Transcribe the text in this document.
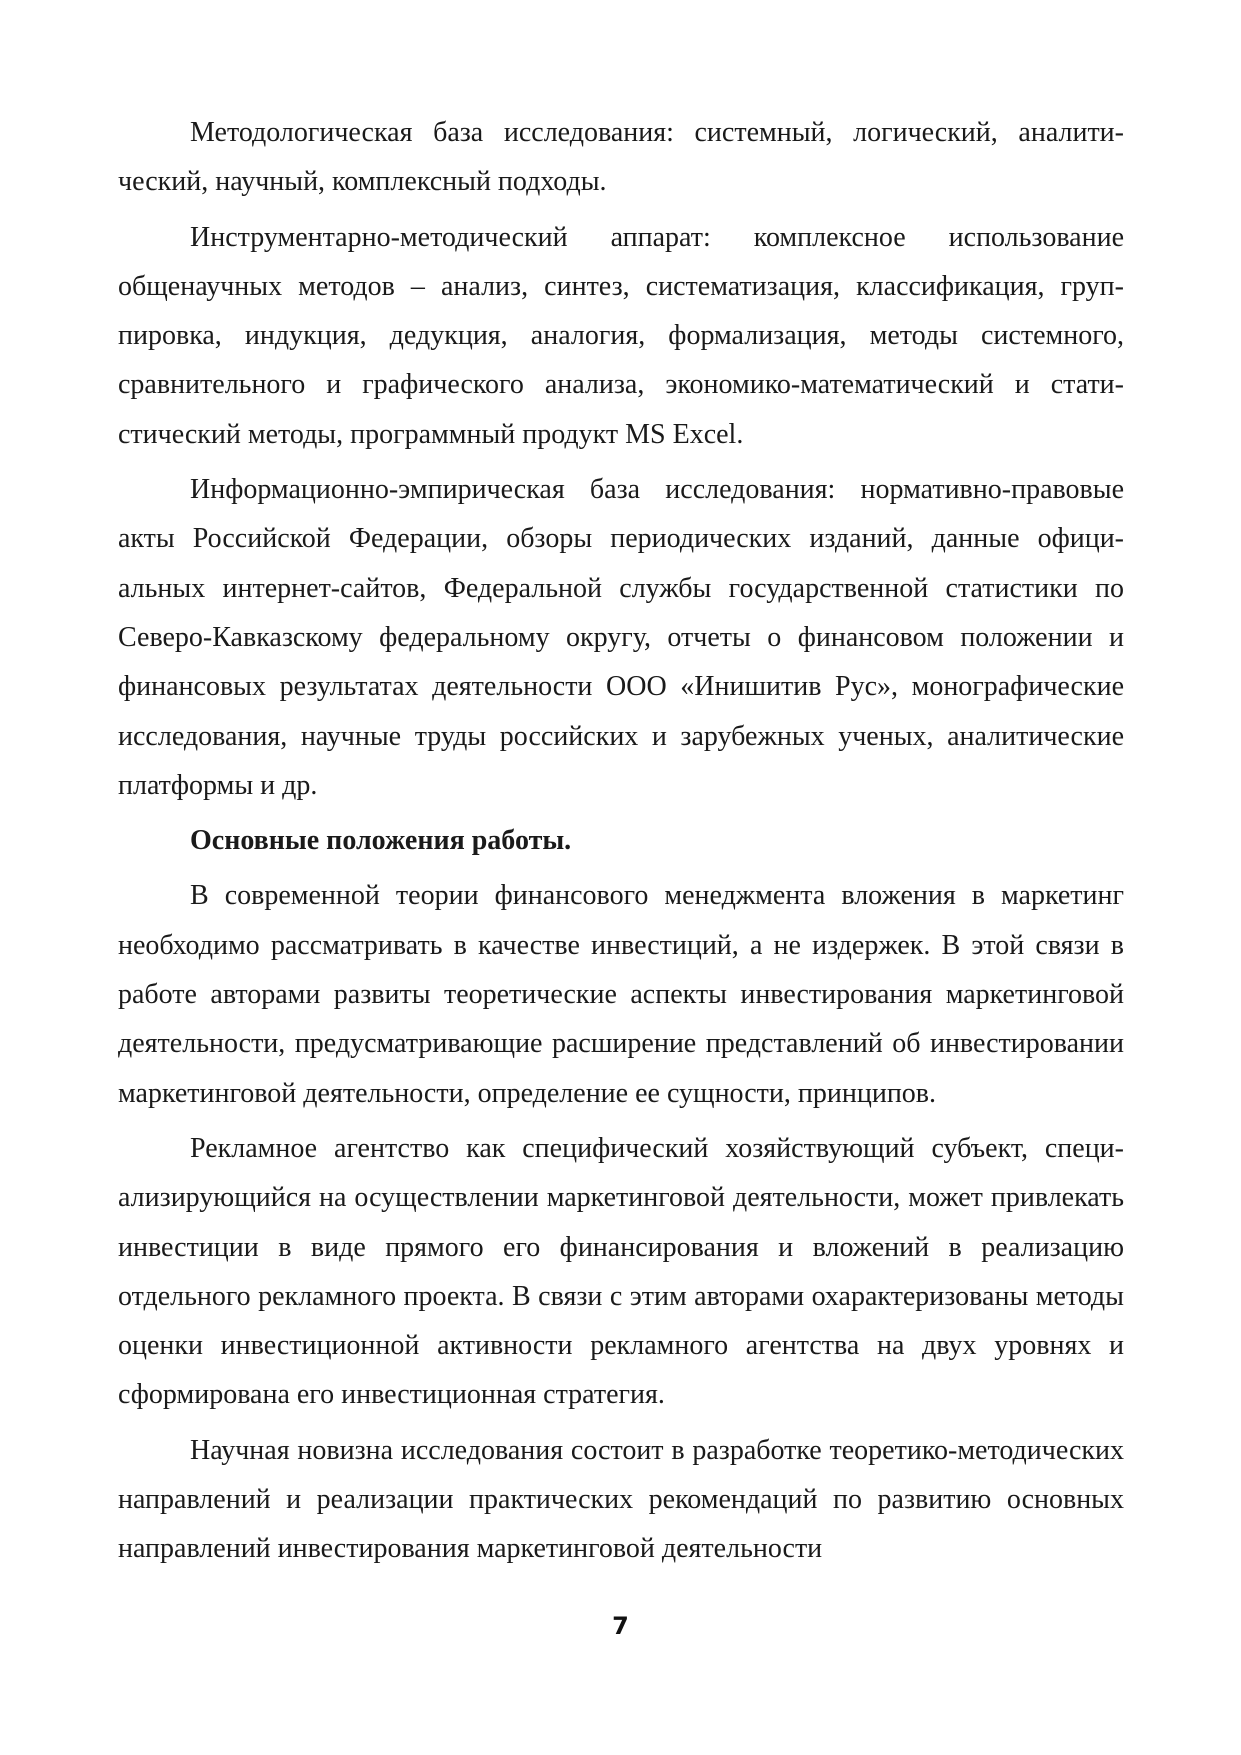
Методологическая база исследования: системный, логический, аналитический, научный, комплексный подходы.

Инструментарно-методический аппарат: комплексное использование общенаучных методов – анализ, синтез, систематизация, классификация, группировка, индукция, дедукция, аналогия, формализация, методы системного, сравнительного и графического анализа, экономико-математический и статистический методы, программный продукт MS Excel.

Информационно-эмпирическая база исследования: нормативно-правовые акты Российской Федерации, обзоры периодических изданий, данные официальных интернет-сайтов, Федеральной службы государственной статистики по Северо-Кавказскому федеральному округу, отчеты о финансовом положении и финансовых результатах деятельности ООО «Инишитив Рус», монографические исследования, научные труды российских и зарубежных ученых, аналитические платформы и др.

Основные положения работы.

В современной теории финансового менеджмента вложения в маркетинг необходимо рассматривать в качестве инвестиций, а не издержек. В этой связи в работе авторами развиты теоретические аспекты инвестирования маркетинговой деятельности, предусматривающие расширение представлений об инвестировании маркетинговой деятельности, определение ее сущности, принципов.

Рекламное агентство как специфический хозяйствующий субъект, специализирующийся на осуществлении маркетинговой деятельности, может привлекать инвестиции в виде прямого его финансирования и вложений в реализацию отдельного рекламного проекта. В связи с этим авторами охарактеризованы методы оценки инвестиционной активности рекламного агентства на двух уровнях и сформирована его инвестиционная стратегия.

Научная новизна исследования состоит в разработке теоретико-методических направлений и реализации практических рекомендаций по развитию основных направлений инвестирования маркетинговой деятельности

7
